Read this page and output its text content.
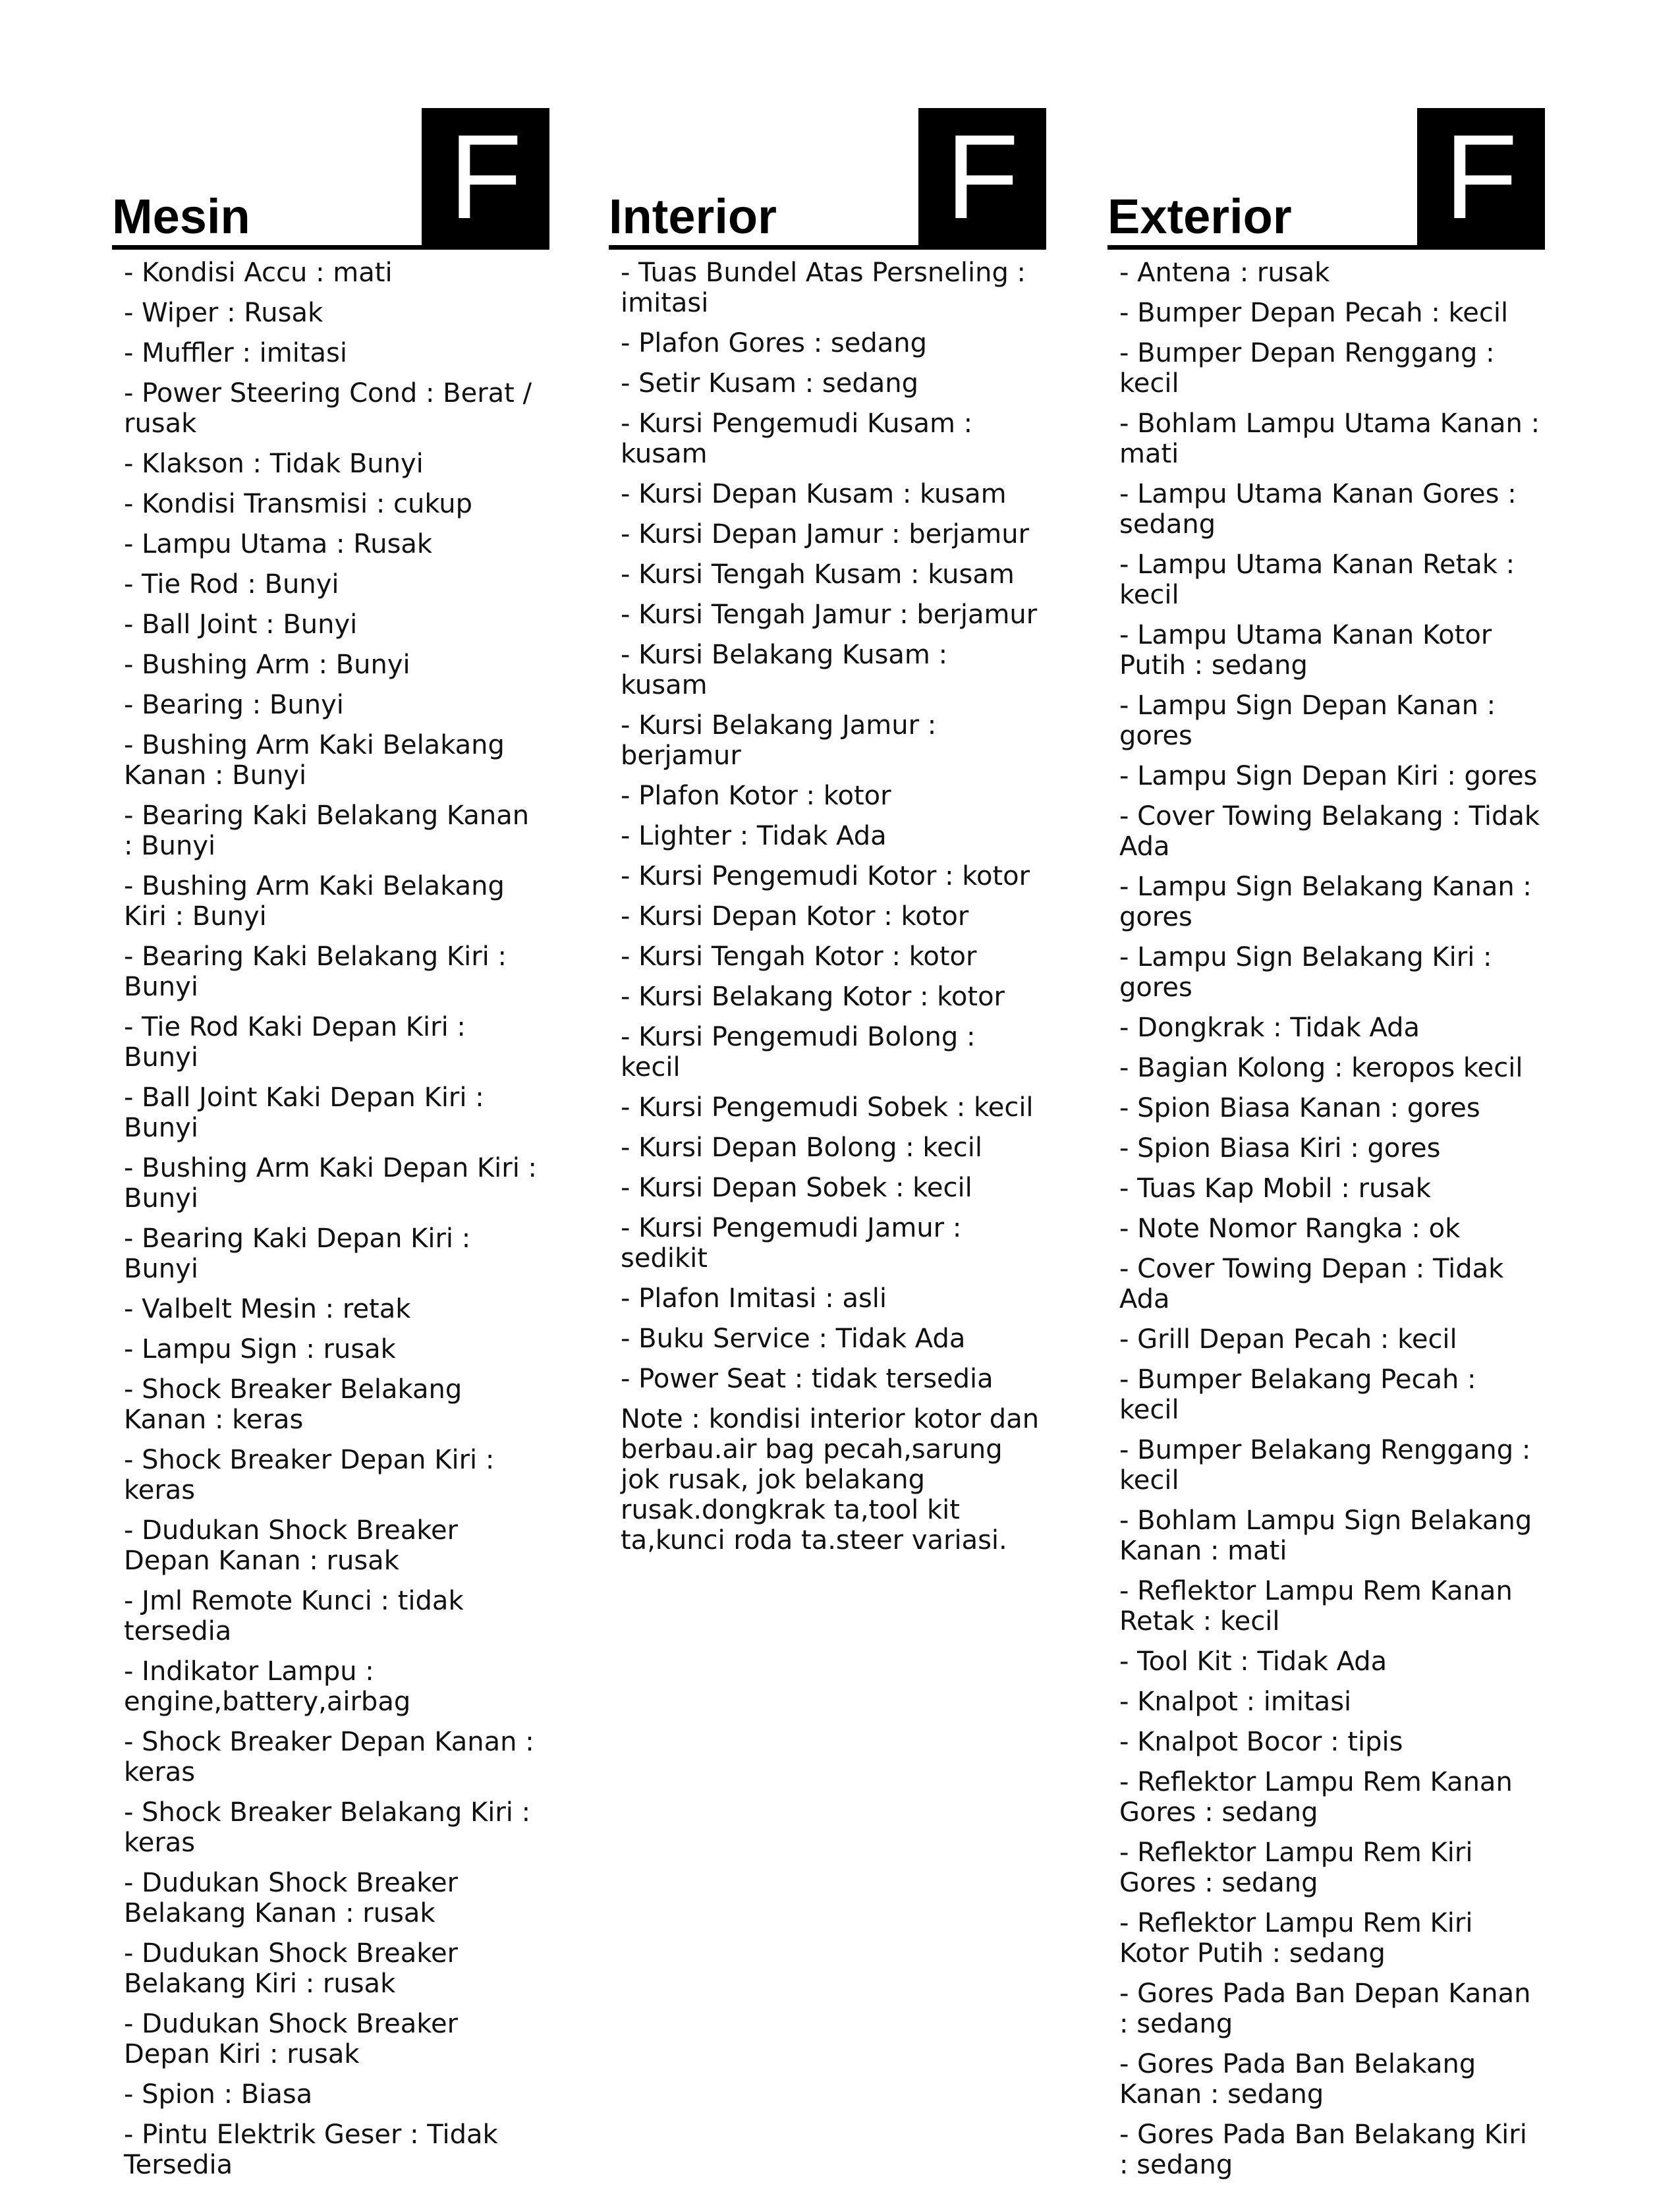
Mesin F
- Kondisi Accu : mati
- Wiper : Rusak
- Muffler : imitasi
- Power Steering Cond : Berat / rusak
- Klakson : Tidak Bunyi
- Kondisi Transmisi : cukup
- Lampu Utama : Rusak
- Tie Rod : Bunyi
- Ball Joint : Bunyi
- Bushing Arm : Bunyi
- Bearing : Bunyi
- Bushing Arm Kaki Belakang Kanan : Bunyi
- Bearing Kaki Belakang Kanan : Bunyi
- Bushing Arm Kaki Belakang Kiri : Bunyi
- Bearing Kaki Belakang Kiri : Bunyi
- Tie Rod Kaki Depan Kiri : Bunyi
- Ball Joint Kaki Depan Kiri : Bunyi
- Bushing Arm Kaki Depan Kiri : Bunyi
- Bearing Kaki Depan Kiri : Bunyi
- Valbelt Mesin : retak
- Lampu Sign : rusak
- Shock Breaker Belakang Kanan : keras
- Shock Breaker Depan Kiri : keras
- Dudukan Shock Breaker Depan Kanan : rusak
- Jml Remote Kunci : tidak tersedia
- Indikator Lampu : engine,battery,airbag
- Shock Breaker Depan Kanan : keras
- Shock Breaker Belakang Kiri : keras
- Dudukan Shock Breaker Belakang Kanan : rusak
- Dudukan Shock Breaker Belakang Kiri : rusak
- Dudukan Shock Breaker Depan Kiri : rusak
- Spion : Biasa
- Pintu Elektrik Geser : Tidak Tersedia
Interior F
- Tuas Bundel Atas Persneling : imitasi
- Plafon Gores : sedang
- Setir Kusam : sedang
- Kursi Pengemudi Kusam : kusam
- Kursi Depan Kusam : kusam
- Kursi Depan Jamur : berjamur
- Kursi Tengah Kusam : kusam
- Kursi Tengah Jamur : berjamur
- Kursi Belakang Kusam : kusam
- Kursi Belakang Jamur : berjamur
- Plafon Kotor : kotor
- Lighter : Tidak Ada
- Kursi Pengemudi Kotor : kotor
- Kursi Depan Kotor : kotor
- Kursi Tengah Kotor : kotor
- Kursi Belakang Kotor : kotor
- Kursi Pengemudi Bolong : kecil
- Kursi Pengemudi Sobek : kecil
- Kursi Depan Bolong : kecil
- Kursi Depan Sobek : kecil
- Kursi Pengemudi Jamur : sedikit
- Plafon Imitasi : asli
- Buku Service : Tidak Ada
- Power Seat : tidak tersedia

Note : kondisi interior kotor dan berbau.air bag pecah,sarung jok rusak, jok belakang rusak.dongkrak ta,tool kit ta,kunci roda ta.steer variasi.

Exterior F
- Antena : rusak
- Bumper Depan Pecah : kecil
- Bumper Depan Renggang : kecil
- Bohlam Lampu Utama Kanan : mati
- Lampu Utama Kanan Gores : sedang
- Lampu Utama Kanan Retak : kecil
- Lampu Utama Kanan Kotor Putih : sedang
- Lampu Sign Depan Kanan : gores
- Lampu Sign Depan Kiri : gores
- Cover Towing Belakang : Tidak Ada
- Lampu Sign Belakang Kanan : gores
- Lampu Sign Belakang Kiri : gores
- Dongkrak : Tidak Ada
- Bagian Kolong : keropos kecil
- Spion Biasa Kanan : gores
- Spion Biasa Kiri : gores
- Tuas Kap Mobil : rusak
- Note Nomor Rangka : ok
- Cover Towing Depan : Tidak Ada
- Grill Depan Pecah : kecil
- Bumper Belakang Pecah : kecil
- Bumper Belakang Renggang : kecil
- Bohlam Lampu Sign Belakang Kanan : mati
- Reflektor Lampu Rem Kanan Retak : kecil
- Tool Kit : Tidak Ada
- Knalpot : imitasi
- Knalpot Bocor : tipis
- Reflektor Lampu Rem Kanan Gores : sedang
- Reflektor Lampu Rem Kiri Gores : sedang
- Reflektor Lampu Rem Kiri Kotor Putih : sedang
- Gores Pada Ban Depan Kanan : sedang
- Gores Pada Ban Belakang Kanan : sedang
- Gores Pada Ban Belakang Kiri : sedang
